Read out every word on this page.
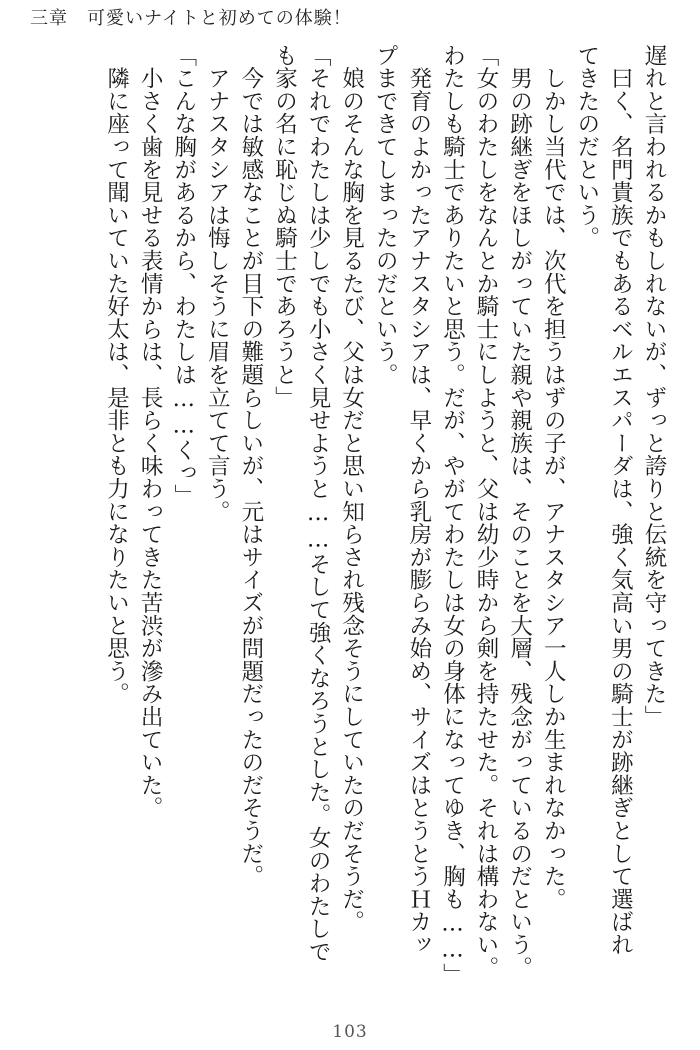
三章　可愛いナイトと初めての体験！
遅れと言われるかもしれないが、ずっと誇りと伝統を守ってきた」
　曰く、名門貴族でもあるベルエスパーダは、強く気高い男の騎士が跡継ぎとして選ばれ
てきたのだという。
　しかし当代では、次代を担うはずの子が、アナスタシア一人しか生まれなかった。
　男の跡継ぎをほしがっていた親や親族は、そのことを大層、残念がっているのだという。
「女のわたしをなんとか騎士にしようと、父は幼少時から剣を持たせた。それは構わない。
わたしも騎士でありたいと思う。だが、やがてわたしは女の身体になってゆき、胸も……」
　発育のよかったアナスタシアは、早くから乳房が膨らみ始め、サイズはとうとうＨカッ
プまできてしまったのだという。
　娘のそんな胸を見るたび、父は女だと思い知らされ残念そうにしていたのだそうだ。
「それでわたしは少しでも小さく見せようと……そして強くなろうとした。女のわたしで
も家の名に恥じぬ騎士であろうと」
　今では敏感なことが目下の難題らしいが、元はサイズが問題だったのだそうだ。
　アナスタシアは悔しそうに眉を立てて言う。
「こんな胸があるから、わたしは……くっ」
　小さく歯を見せる表情からは、長らく味わってきた苦渋が滲み出ていた。
　隣に座って聞いていた好太は、是非とも力になりたいと思う。
103
